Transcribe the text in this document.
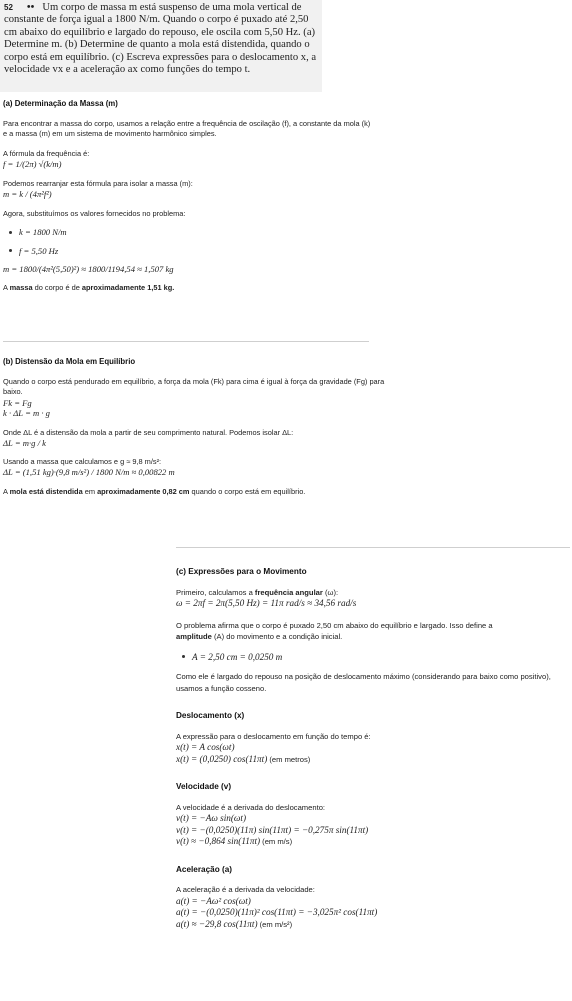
52 •• Um corpo de massa m está suspenso de uma mola vertical de constante de força igual a 1800 N/m. Quando o corpo é puxado até 2,50 cm abaixo do equilíbrio e largado do repouso, ele oscila com 5,50 Hz. (a) Determine m. (b) Determine de quanto a mola está distendida, quando o corpo está em equilíbrio. (c) Escreva expressões para o deslocamento x, a velocidade vx e a aceleração ax como funções do tempo t.

(a) Determinação da Massa (m)

Para encontrar a massa do corpo, usamos a relação entre a frequência de oscilação (f), a constante da mola (k) e a massa (m) em um sistema de movimento harmônico simples.

A fórmula da frequência é:

f = 1/(2π) √(k/m)

Podemos rearranjar esta fórmula para isolar a massa (m):

m = k / (4π²f²)

Agora, substituímos os valores fornecidos no problema:

k = 1800 N/m
f = 5,50 Hz

m = 1800/(4π²(5,50)²) ≈ 1800/1194,54 ≈ 1,507 kg

A massa do corpo é de aproximadamente 1,51 kg.

(b) Distensão da Mola em Equilíbrio

Quando o corpo está pendurado em equilíbrio, a força da mola (Fk) para cima é igual à força da gravidade (Fg) para baixo.

Fk = Fg

k · ΔL = m · g

Onde ΔL é a distensão da mola a partir de seu comprimento natural. Podemos isolar ΔL:

ΔL = m·g / k

Usando a massa que calculamos e g ≈ 9,8 m/s²:

ΔL = (1,51 kg)·(9,8 m/s²) / 1800 N/m ≈ 0,00822 m

A mola está distendida em aproximadamente 0,82 cm quando o corpo está em equilíbrio.

(c) Expressões para o Movimento

Primeiro, calculamos a frequência angular (ω):

ω = 2πf = 2π(5,50 Hz) = 11π rad/s ≈ 34,56 rad/s

O problema afirma que o corpo é puxado 2,50 cm abaixo do equilíbrio e largado. Isso define a
amplitude (A) do movimento e a condição inicial.

A = 2,50 cm = 0,0250 m

Como ele é largado do repouso na posição de deslocamento máximo (considerando para baixo como positivo), usamos a função cosseno.

Deslocamento (x)

A expressão para o deslocamento em função do tempo é:

x(t) = A cos(ωt)

x(t) = (0,0250) cos(11πt) (em metros)

Velocidade (v)

A velocidade é a derivada do deslocamento:

v(t) = −Aω sin(ωt)

v(t) = −(0,0250)(11π) sin(11πt) = −0,275π sin(11πt)

v(t) ≈ −0,864 sin(11πt) (em m/s)

Aceleração (a)

A aceleração é a derivada da velocidade:

a(t) = −Aω² cos(ωt)

a(t) = −(0,0250)(11π)² cos(11πt) = −3,025π² cos(11πt)

a(t) ≈ −29,8 cos(11πt) (em m/s²)
